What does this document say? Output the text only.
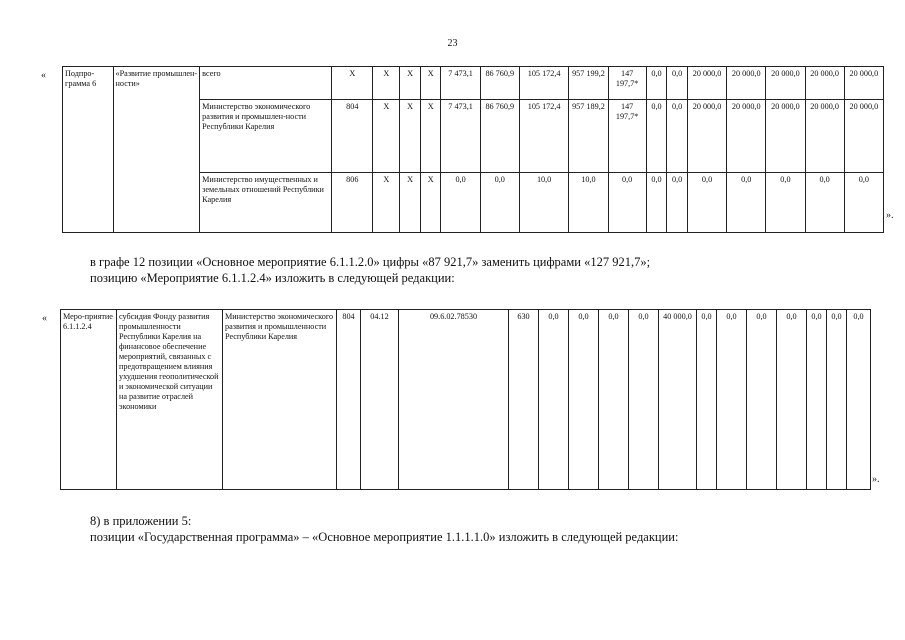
23
« Подпро-грамма 6	«Развитие промышлен-ности»	всего	X	X	X	X	7 473,1	86 760,9	105 172,4	957 199,2	147 197,7*	0,0	0,0	20 000,0	20 000,0	20 000,0	20 000,0	20 000,0
		Министерство экономического развития и промышлен-ности Республики Карелия	804	X	X	X	7 473,1	86 760,9	105 172,4	957 189,2	147 197,7*	0,0	0,0	20 000,0	20 000,0	20 000,0	20 000,0	20 000,0
		Министерство имущественных и земельных отношений Республики Карелия	806	X	X	X	0,0	0,0	10,0	10,0	0,0	0,0	0,0	0,0	0,0	0,0	0,0	0,0
».
в графе 12 позиции «Основное мероприятие 6.1.1.2.0» цифры «87 921,7» заменить цифрами «127 921,7»;
позицию «Мероприятие 6.1.1.2.4» изложить в следующей редакции:
« Меро-приятие 6.1.1.2.4	субсидия Фонду развития промышленности Республики Карелия на финансовое обеспечение мероприятий, связанных с предотвращением влияния ухудшения геополитической и экономической ситуации на развитие отраслей экономики	Министерство экономического развития и промышленности Республики Карелия	804	04.12	09.6.02.78530	630	0,0	0,0	0,0	0,0	40 000,0	0,0	0,0	0,0	0,0	0,0	0,0	0,0
».
8) в приложении 5:
позиции «Государственная программа» – «Основное мероприятие 1.1.1.1.0» изложить в следующей редакции:
